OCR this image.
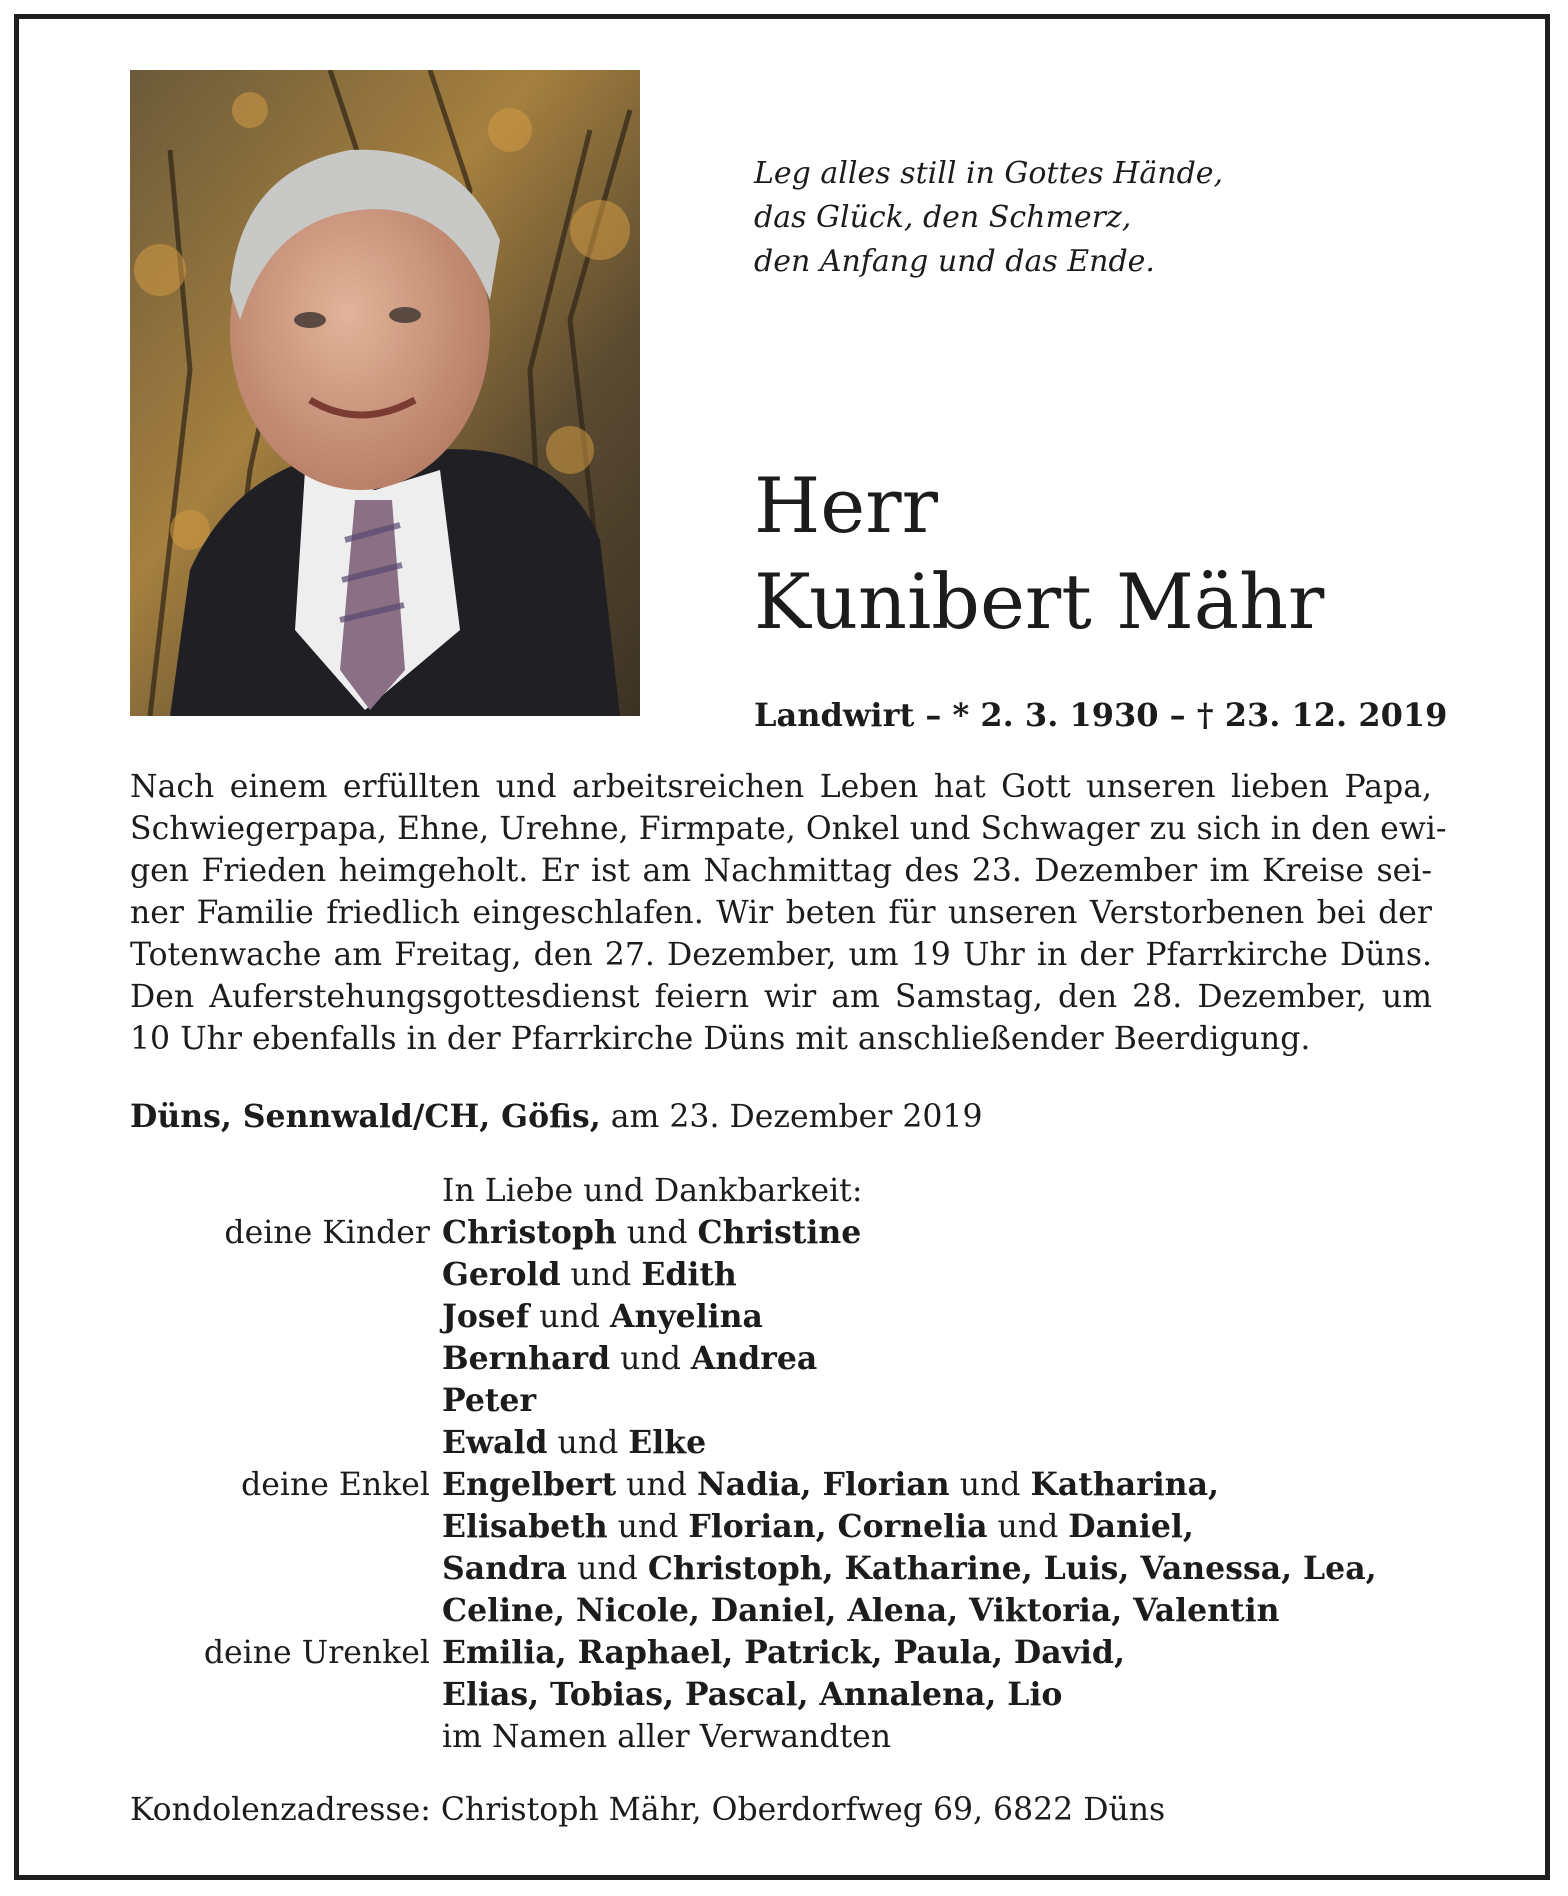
Leg alles still in Gottes Hände,
das Glück, den Schmerz,
den Anfang und das Ende.
Herr
Kunibert Mähr
Landwirt – * 2. 3. 1930 – † 23. 12. 2019
Nach einem erfüllten und arbeitsreichen Leben hat Gott unseren lieben Papa,
Schwiegerpapa, Ehne, Urehne, Firmpate, Onkel und Schwager zu sich in den ewi-
gen Frieden heimgeholt. Er ist am Nachmittag des 23. Dezember im Kreise sei-
ner Familie friedlich eingeschlafen. Wir beten für unseren Verstorbenen bei der
Totenwache am Freitag, den 27. Dezember, um 19 Uhr in der Pfarrkirche Düns.
Den Auferstehungsgottesdienst feiern wir am Samstag, den 28. Dezember, um
10 Uhr ebenfalls in der Pfarrkirche Düns mit anschließender Beerdigung.
Düns, Sennwald/CH, Göfis, am 23. Dezember 2019
In Liebe und Dankbarkeit:
deine Kinder Christoph und Christine
Gerold und Edith
Josef und Anyelina
Bernhard und Andrea
Peter
Ewald und Elke
deine Enkel Engelbert und Nadia, Florian und Katharina,
Elisabeth und Florian, Cornelia und Daniel,
Sandra und Christoph, Katharine, Luis, Vanessa, Lea,
Celine, Nicole, Daniel, Alena, Viktoria, Valentin
deine Urenkel Emilia, Raphael, Patrick, Paula, David,
Elias, Tobias, Pascal, Annalena, Lio
im Namen aller Verwandten
Kondolenzadresse: Christoph Mähr, Oberdorfweg 69, 6822 Düns
